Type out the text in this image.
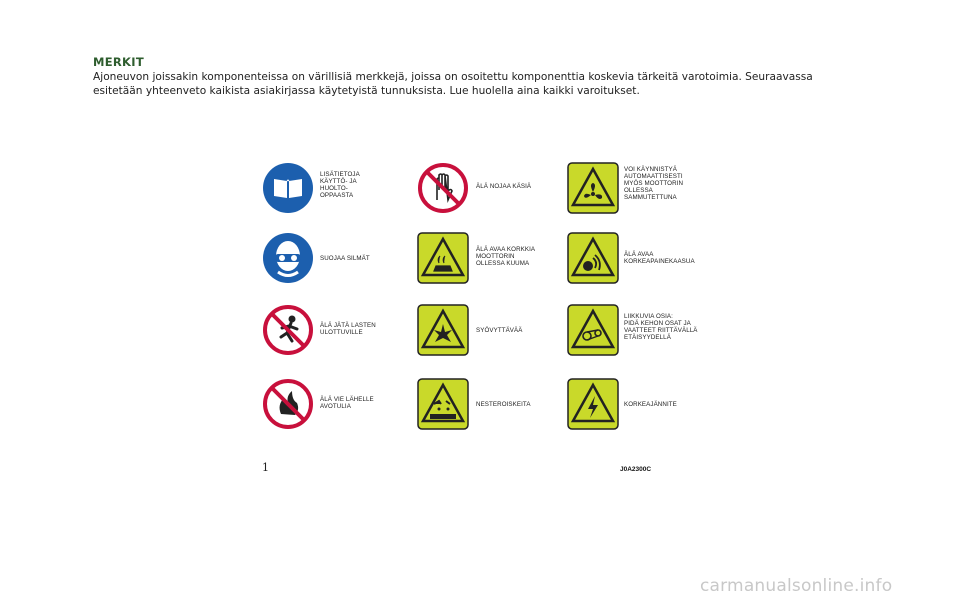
MERKIT
Ajoneuvon joissakin komponenteissa on värillisiä merkkejä, joissa on osoitettu komponenttia koskevia tärkeitä varotoimia. Seuraavassa esitetään yhteenveto kaikista asiakirjassa käytetyistä tunnuksista. Lue huolella aina kaikki varoitukset.
LISÄTIETOJA
KÄYTTÖ- JA
HUOLTO-
OPPAASTA
SUOJAA SILMÄT
ÄLÄ JÄTÄ LASTEN
ULOTTUVILLE
ÄLÄ VIE LÄHELLE
AVOTULIA
ÄLÄ NOJAA KÄSIÄ
ÄLÄ AVAA KORKKIA
MOOTTORIN
OLLESSA KUUMA
SYÖVYTTÄVÄÄ
NESTEROISKEITA
VOI KÄYNNISTYÄ
AUTOMAATTISESTI
MYÖS MOOTTORIN
OLLESSA
SAMMUTETTUNA
ÄLÄ AVAA
KORKEAPAINEKAASUA
LIIKKUVIA OSIA:
PIDÄ KEHON OSAT JA
VAATTEET RIITTÄVÄLLÄ
ETÄISYYDELLÄ
KORKEAJÄNNITE
1	J0A2300C
carmanualsonline.info
